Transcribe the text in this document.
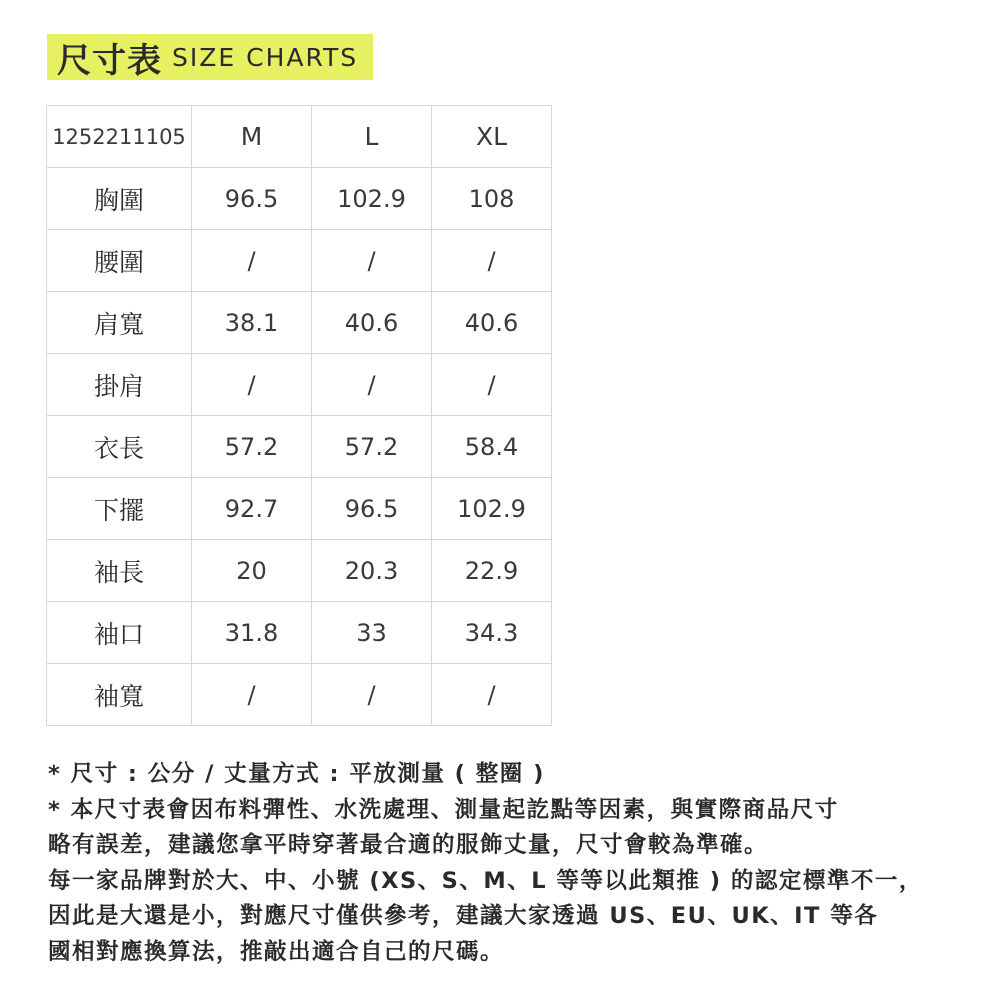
尺寸表 SIZE CHARTS
1252211105	M	L	XL
胸圍	96.5	102.9	108
腰圍	/	/	/
肩寬	38.1	40.6	40.6
掛肩	/	/	/
衣長	57.2	57.2	58.4
下擺	92.7	96.5	102.9
袖長	20	20.3	22.9
袖口	31.8	33	34.3
袖寬	/	/	/

* 尺寸 : 公分 / 丈量方式 : 平放測量 ( 整圈 )

* 本尺寸表會因布料彈性、水洗處理、測量起訖點等因素，與實際商品尺寸

略有誤差，建議您拿平時穿著最合適的服飾丈量，尺寸會較為準確。

每一家品牌對於大、中、小號 (XS、S、M、L 等等以此類推 ) 的認定標準不一，

因此是大還是小，對應尺寸僅供參考，建議大家透過 US、EU、UK、IT 等各

國相對應換算法，推敲出適合自己的尺碼。
